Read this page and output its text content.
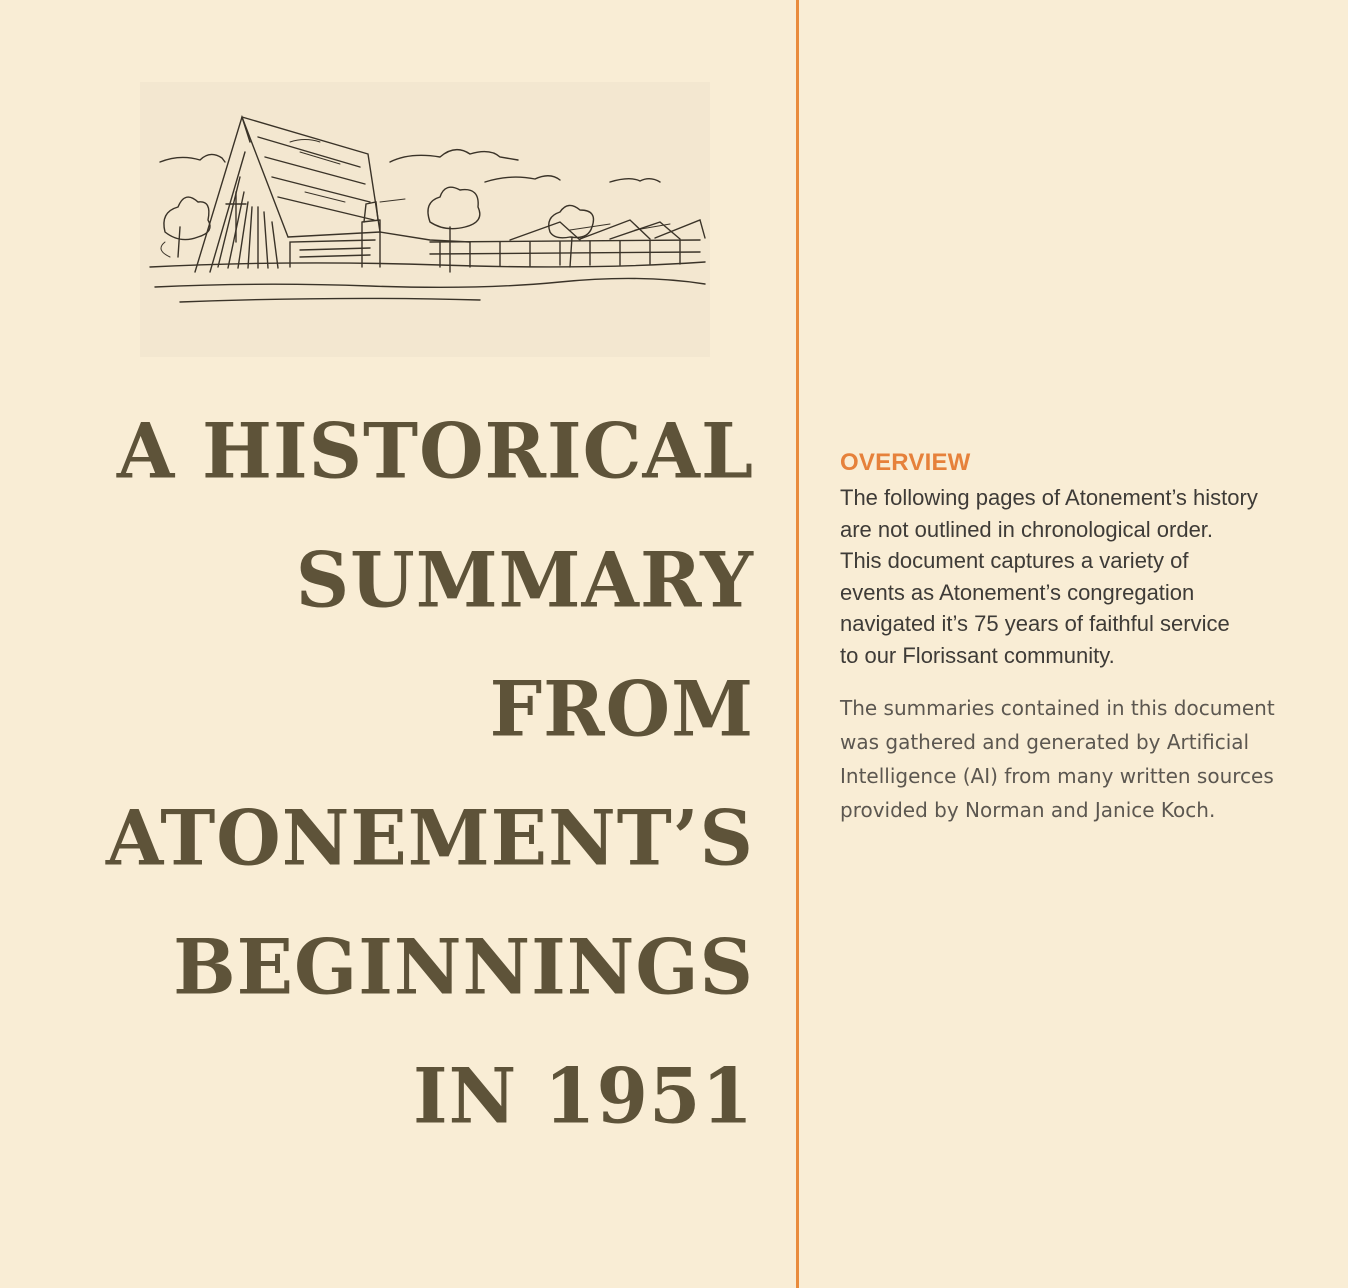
A HISTORICAL
SUMMARY
FROM
ATONEMENT’S
BEGINNINGS
IN 1951
OVERVIEW

The following pages of Atonement’s history
are not outlined in chronological order.
This document captures a variety of
events as Atonement’s congregation
navigated it’s 75 years of faithful service
to our Florissant community.

The summaries contained in this document
was gathered and generated by Artificial
Intelligence (AI) from many written sources
provided by Norman and Janice Koch.
